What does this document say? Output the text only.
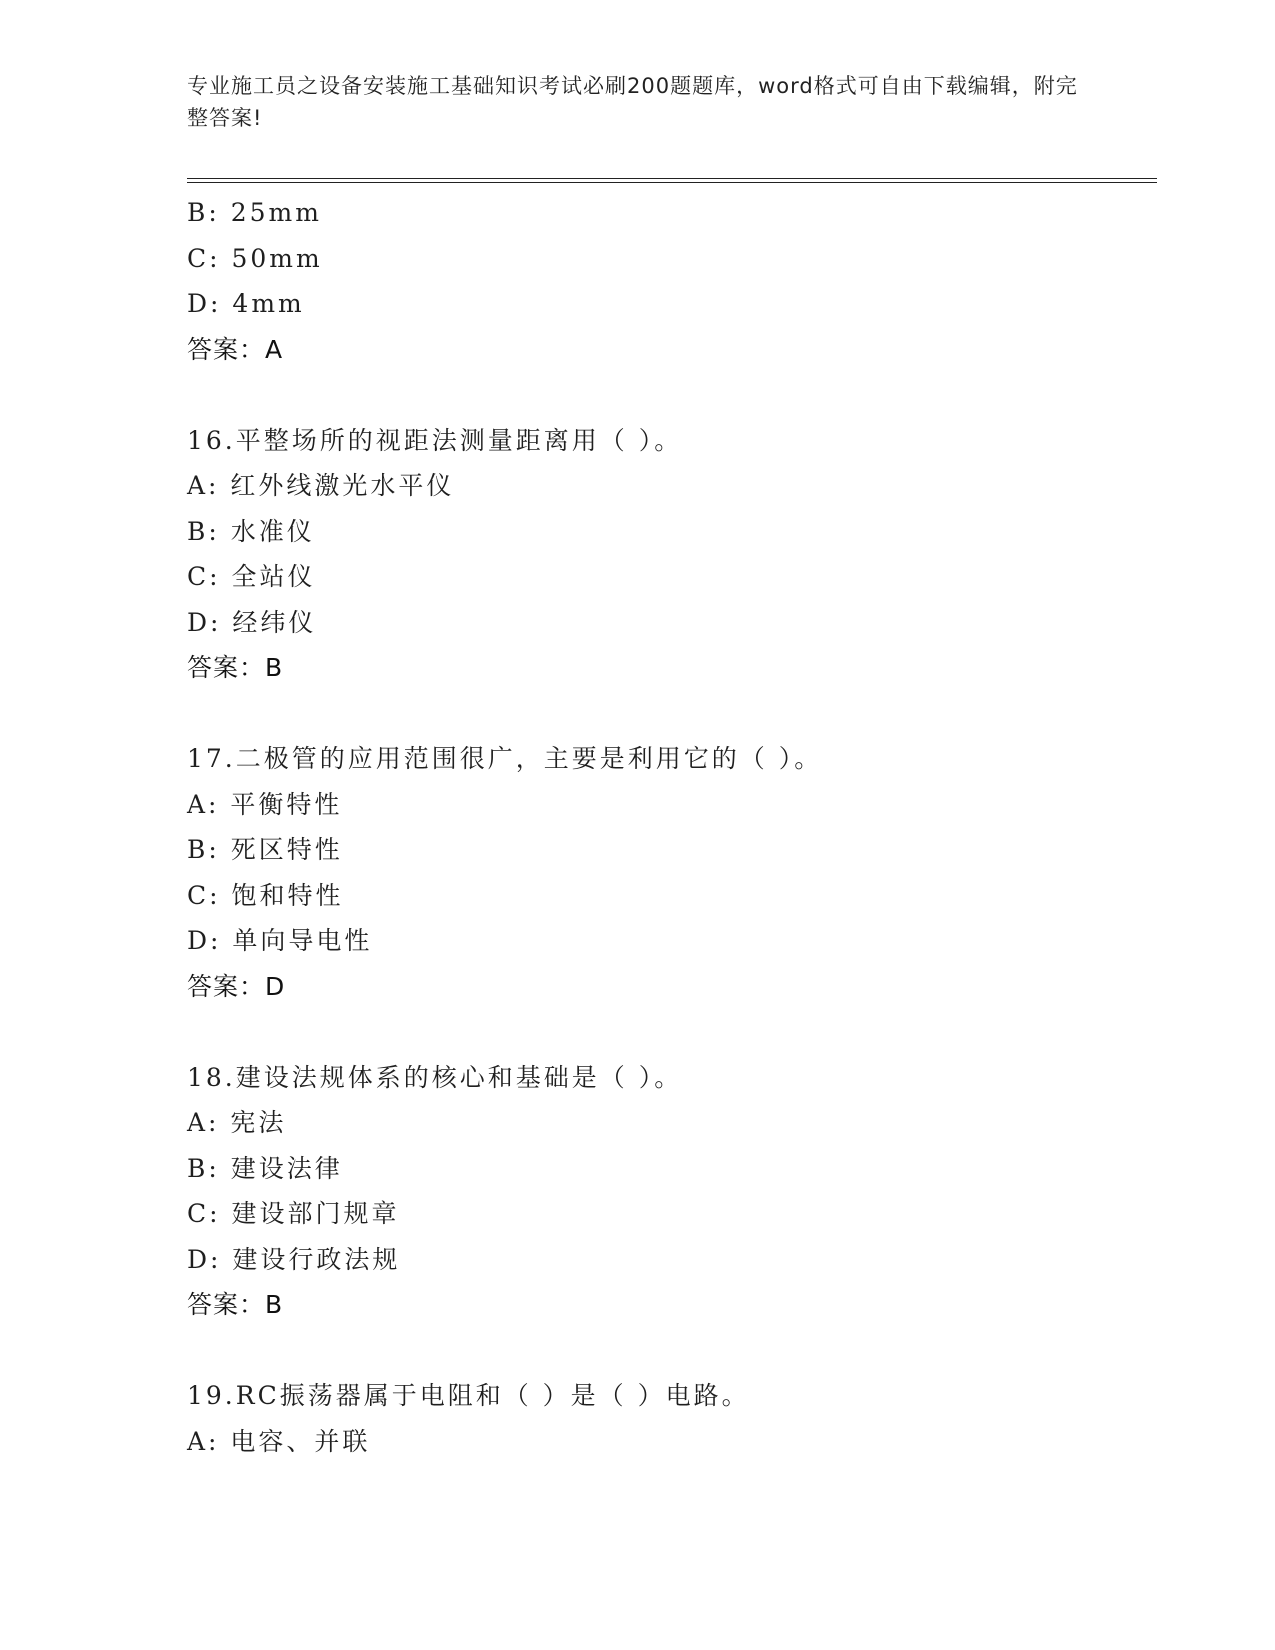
专业施工员之设备安装施工基础知识考试必刷200题题库，word格式可自由下载编辑，附完整答案!
B: 25mm
C: 50mm
D: 4mm
答案：A
16.平整场所的视距法测量距离用（ ）。
A: 红外线激光水平仪
B: 水准仪
C: 全站仪
D: 经纬仪
答案：B
17.二极管的应用范围很广，主要是利用它的（ ）。
A: 平衡特性
B: 死区特性
C: 饱和特性
D: 单向导电性
答案：D
18.建设法规体系的核心和基础是（ ）。
A: 宪法
B: 建设法律
C: 建设部门规章
D: 建设行政法规
答案：B
19.RC振荡器属于电阻和（ ）是（ ）电路。
A: 电容、并联
